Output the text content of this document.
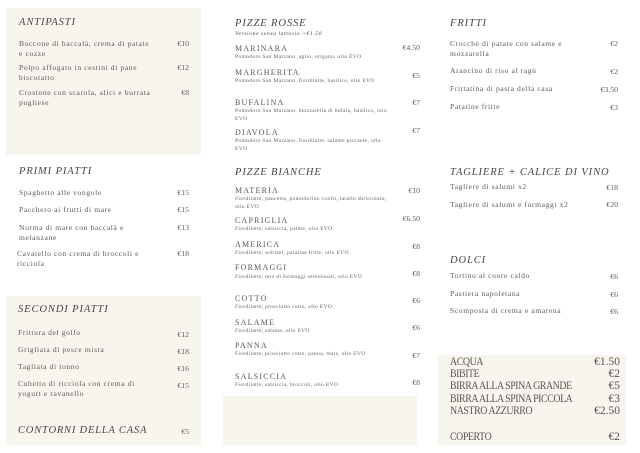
ANTIPASTI
Boccone di baccalà, crema di patate e cozze
€10
Polpo affogato in cestini di pane biscotatto
€12
Crostone con scarola, alici e burrata pugliese
€8
PRIMI PIATTI
Spaghetto alle vongole	€15
Pacchero ai frutti di mare	€15
Norma di mare con baccalà e melanzane
€13
Cavatello con crema di broccoli e ricciola
€18
SECONDI PIATTI
Frittura del golfo	€12
Grigliata di pesce mista	€18
Tagliata di tonno	€16
Cubetto di ricciola con crema di yogurt e ravanello
€15
CONTORNI DELLA CASA	€5
PIZZE ROSSE
Versione senza lattosio +€1.50
MARINARA
Pomodoro San Marzano, aglio, origano, olio EVO
€4.50
MARGHERITA
Pomodoro San Marzano, fiordilatte, basilico, olio EVO
€5
BUFALINA
Pomodoro San Marzano, mozzarella di bufala, basilico, olio EVO
€7
DIAVOLA
Pomodoro San Marzano, fiordilatte, salame piccante, olio EVO
€7
PIZZE BIANCHE
MATERIA
Fiordilatte, pancetta, pomodorino confit, tarallo sbriciolato, olio EVO
€10
CAPRIGLIA
Fiordilatte, salsiccia, patate, olio EVO
€6.50
AMERICA
Fiordilatte, würstel, patatine fritte, olio EVO
€8
FORMAGGI
Fiordilatte, mix di formaggi selezionati, olio EVO	€8
COTTO
Fiordilatte, prosciutto cotto, olio EVO
€6
SALAME
Fiordilatte, salame, olio EVO	€6
PANNA
Fiordilatte, prosciutto cotto, panna, mais, olio EVO	€7
SALSICCIA
Fiordilatte, salsiccia, broccoli, olio EVO	€8
FRITTI
Crocchè di patate con salame e mozzarella
€2
Arancino di riso al ragù	€2
Frittatina di pasta della casa	€3.50
Patatine fritte	€3
TAGLIERE + CALICE DI VINO
Tagliere di salumi x2	€18
Tagliere di salumi e formaggi x2	€20
DOLCI
Tortino al cuore caldo	€6
Pastiera napoletana	€6
Scomposta di crema e amarena	€6
ACQUA	€1.50
BIBITE	€2
BIRRA ALLA SPINA GRANDE	€5
BIRRA ALLA SPINA PICCOLA	€3
NASTRO AZZURRO	€2.50
COPERTO	€2
